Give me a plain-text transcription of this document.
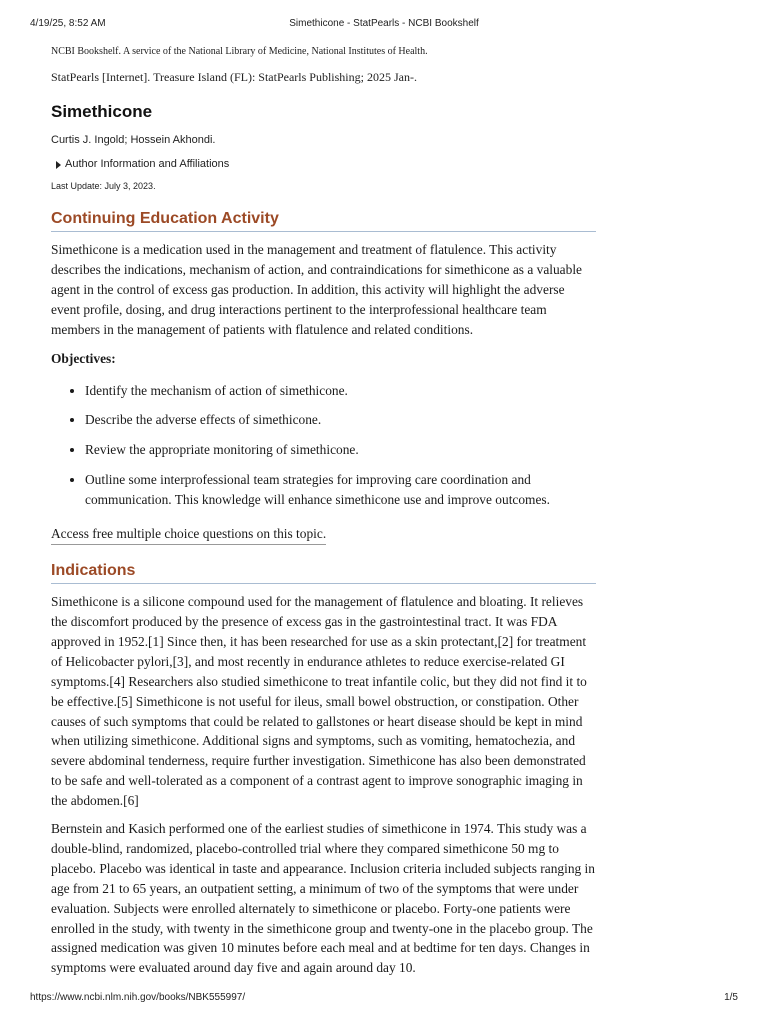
4/19/25, 8:52 AM	Simethicone - StatPearls - NCBI Bookshelf

NCBI Bookshelf. A service of the National Library of Medicine, National Institutes of Health.

StatPearls [Internet]. Treasure Island (FL): StatPearls Publishing; 2025 Jan-.

Simethicone
Curtis J. Ingold; Hossein Akhondi.
Author Information and Affiliations
Last Update: July 3, 2023.
Continuing Education Activity

Simethicone is a medication used in the management and treatment of flatulence. This activity describes the indications, mechanism of action, and contraindications for simethicone as a valuable agent in the control of excess gas production. In addition, this activity will highlight the adverse event profile, dosing, and drug interactions pertinent to the interprofessional healthcare team members in the management of patients with flatulence and related conditions.

Objectives:

• Identify the mechanism of action of simethicone.
• Describe the adverse effects of simethicone.
• Review the appropriate monitoring of simethicone.
• Outline some interprofessional team strategies for improving care coordination and communication. This knowledge will enhance simethicone use and improve outcomes.
Access free multiple choice questions on this topic.
Indications

Simethicone is a silicone compound used for the management of flatulence and bloating. It relieves the discomfort produced by the presence of excess gas in the gastrointestinal tract. It was FDA approved in 1952.[1] Since then, it has been researched for use as a skin protectant,[2] for treatment of Helicobacter pylori,[3], and most recently in endurance athletes to reduce exercise-related GI symptoms.[4] Researchers also studied simethicone to treat infantile colic, but they did not find it to be effective.[5] Simethicone is not useful for ileus, small bowel obstruction, or constipation. Other causes of such symptoms that could be related to gallstones or heart disease should be kept in mind when utilizing simethicone. Additional signs and symptoms, such as vomiting, hematochezia, and severe abdominal tenderness, require further investigation. Simethicone has also been demonstrated to be safe and well-tolerated as a component of a contrast agent to improve sonographic imaging in the abdomen.[6]

Bernstein and Kasich performed one of the earliest studies of simethicone in 1974. This study was a double-blind, randomized, placebo-controlled trial where they compared simethicone 50 mg to placebo. Placebo was identical in taste and appearance. Inclusion criteria included subjects ranging in age from 21 to 65 years, an outpatient setting, a minimum of two of the symptoms that were under evaluation. Subjects were enrolled alternately to simethicone or placebo. Forty-one patients were enrolled in the study, with twenty in the simethicone group and twenty-one in the placebo group. The assigned medication was given 10 minutes before each meal and at bedtime for ten days. Changes in symptoms were evaluated around day five and again around day 10.

https://www.ncbi.nlm.nih.gov/books/NBK555997/	1/5
